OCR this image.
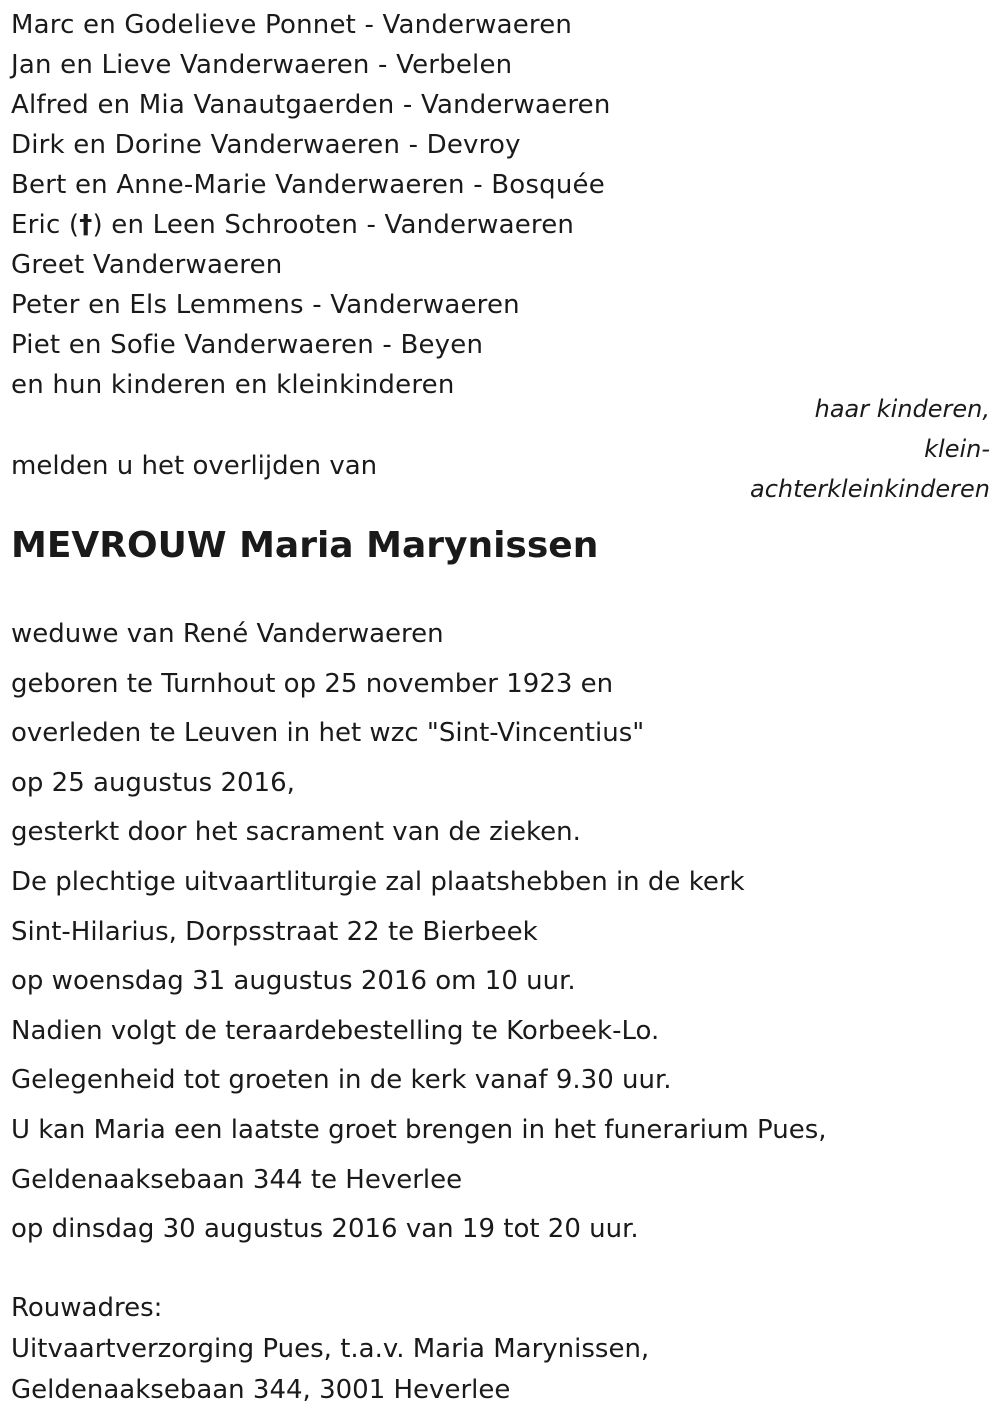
Marc en Godelieve Ponnet - Vanderwaeren
Jan en Lieve Vanderwaeren - Verbelen
Alfred en Mia Vanautgaerden - Vanderwaeren
Dirk en Dorine Vanderwaeren - Devroy
Bert en Anne-Marie Vanderwaeren - Bosquée
Eric (†) en Leen Schrooten - Vanderwaeren
Greet Vanderwaeren
Peter en Els Lemmens - Vanderwaeren
Piet en Sofie Vanderwaeren - Beyen
en hun kinderen en kleinkinderen
haar kinderen,
klein-
achterkleinkinderen
melden u het overlijden van
MEVROUW Maria Marynissen
weduwe van René Vanderwaeren
geboren te Turnhout op 25 november 1923 en
overleden te Leuven in het wzc "Sint-Vincentius"
op 25 augustus 2016,
gesterkt door het sacrament van de zieken.
De plechtige uitvaartliturgie zal plaatshebben in de kerk
Sint-Hilarius, Dorpsstraat 22 te Bierbeek
op woensdag 31 augustus 2016 om 10 uur.
Nadien volgt de teraardebestelling te Korbeek-Lo.
Gelegenheid tot groeten in de kerk vanaf 9.30 uur.
U kan Maria een laatste groet brengen in het funerarium Pues,
Geldenaaksebaan 344 te Heverlee
op dinsdag 30 augustus 2016 van 19 tot 20 uur.
Rouwadres:
Uitvaartverzorging Pues, t.a.v. Maria Marynissen,
Geldenaaksebaan 344, 3001 Heverlee
